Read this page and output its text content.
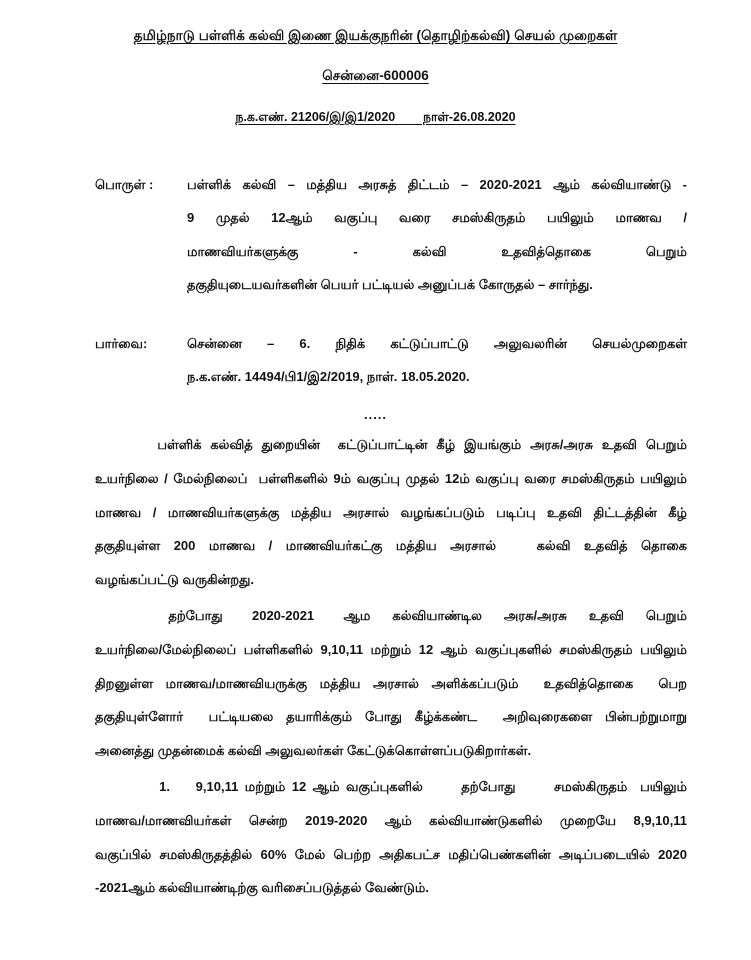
தமிழ்நாடு பள்ளிக் கல்வி இணை இயக்குநரின் (தொழிற்கல்வி) செயல் முறைகள்
சென்னை-600006
ந.க.எண். 21206/இ/இ1/2020        நாள்-26.08.2020
பொருள் :	பள்ளிக் கல்வி – மத்திய அரசுத் திட்டம் – 2020-2021 ஆம் கல்வியாண்டு -
9 முதல் 12ஆம் வகுப்பு வரை சமஸ்கிருதம் பயிலும் மாணவ /
மாணவியர்களுக்கு - கல்வி உதவித்தொகை பெறும்
தகுதியுடையவர்களின் பெயர் பட்டியல் அனுப்பக் கோருதல் – சார்ந்து.
பார்வை:	சென்னை – 6. நிதிக் கட்டுப்பாட்டு அலுவலரின் செயல்முறைகள்
ந.க.எண். 14494/பி1/இ2/2019, நாள். 18.05.2020.
.....
பள்ளிக் கல்வித் துறையின்  கட்டுப்பாட்டின் கீழ் இயங்கும் அரசு/அரசு உதவி பெறும்
உயர்நிலை / மேல்நிலைப்  பள்ளிகளில் 9ம் வகுப்பு முதல் 12ம் வகுப்பு வரை சமஸ்கிருதம் பயிலும்
மாணவ / மாணவியர்களுக்கு மத்திய அரசால் வழங்கப்படும் படிப்பு உதவி திட்டத்தின் கீழ்
தகுதியுள்ள 200 மாணவ / மாணவியர்கட்கு மத்திய அரசால்   கல்வி உதவித் தொகை
வழங்கப்பட்டு வருகின்றது.
தற்போது    2020-2021    ஆம   கல்வியாண்டில   அரசு/அரசு   உதவி   பெறும்
உயர்நிலை/மேல்நிலைப் பள்ளிகளில் 9,10,11 மற்றும் 12 ஆம் வகுப்புகளில் சமஸ்கிருதம் பயிலும்
திறனுள்ள மாணவ/மாணவியருக்கு மத்திய அரசால் அளிக்கப்படும்  உதவித்தொகை  பெற
தகுதியுள்ளோர்  பட்டியலை தயாரிக்கும் போது கீழ்க்கண்ட  அறிவுரைகளை பின்பற்றுமாறு
அனைத்து முதன்மைக் கல்வி அலுவலர்கள் கேட்டுக்கொள்ளப்படுகிறார்கள்.
1.    9,10,11 மற்றும் 12 ஆம் வகுப்புகளில்      தற்போது      சமஸ்கிருதம்  பயிலும்
மாணவ/மாணவியர்கள் சென்ற 2019-2020 ஆம் கல்வியாண்டுகளில் முறையே 8,9,10,11
வகுப்பில் சமஸ்கிருதத்தில் 60% மேல் பெற்ற அதிகபட்ச மதிப்பெண்களின் அடிப்படையில் 2020
-2021ஆம் கல்வியாண்டிற்கு வரிசைப்படுத்தல் வேண்டும்.
